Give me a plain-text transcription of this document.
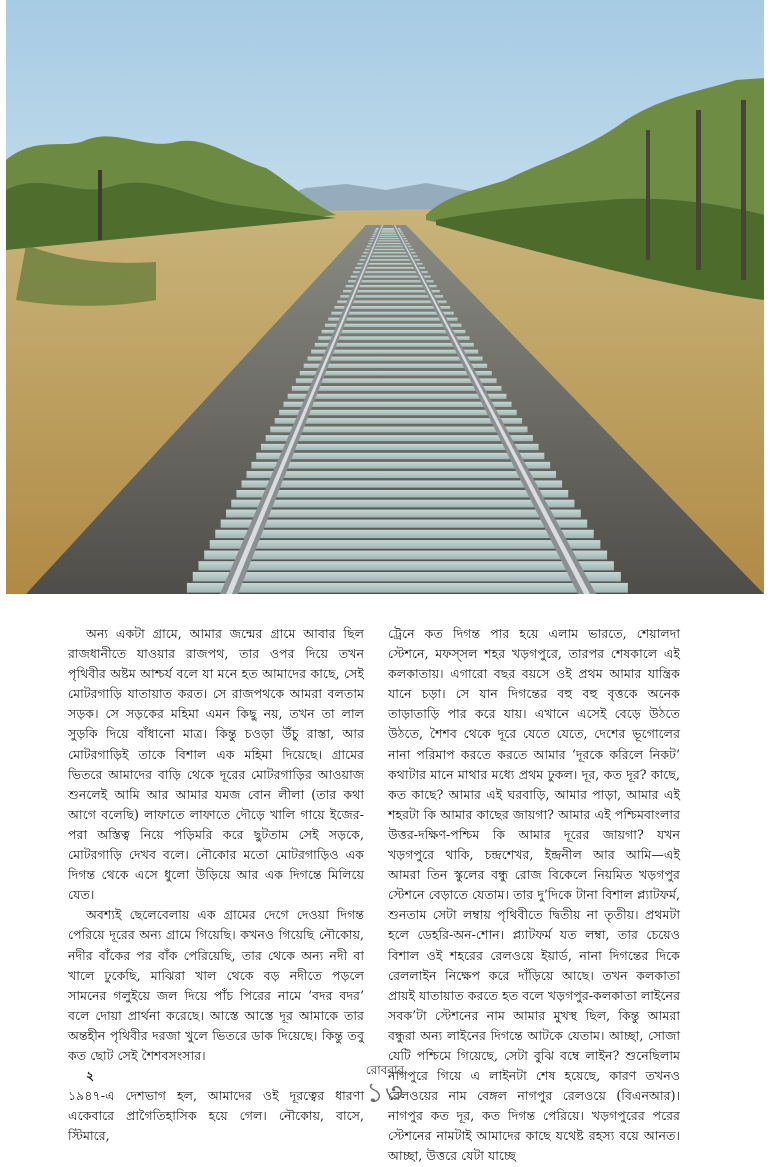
অন্য একটা গ্রামে, আমার জন্মের গ্রামে আবার ছিল রাজধানীতে যাওয়ার রাজপথ, তার ওপর দিয়ে তখন পৃথিবীর অষ্টম আশ্চর্য বলে যা মনে হত আমাদের কাছে, সেই মোটরগাড়ি যাতায়াত করত। সে রাজপথকে আমরা বলতাম সড়ক। সে সড়কের মহিমা এমন কিছু নয়, তখন তা লাল সুড়কি দিয়ে বাঁধানো মাত্র। কিন্তু চওড়া উঁচু রাস্তা, আর মোটরগাড়িই তাকে বিশাল এক মহিমা দিয়েছে। গ্রামের ভিতরে আমাদের বাড়ি থেকে দূরের মোটরগাড়ির আওয়াজ শুনলেই আমি আর আমার যমজ বোন লীলা (তার কথা আগে বলেছি) লাফাতে লাফাতে দৌড়ে খালি গায়ে ইজের-পরা অস্তিত্ব নিয়ে পড়িমরি করে ছুটতাম সেই সড়কে, মোটরগাড়ি দেখব বলে। নৌকোর মতো মোটরগাড়িও এক দিগন্ত থেকে এসে ধুলো উড়িয়ে আর এক দিগন্তে মিলিয়ে যেত।

অবশ্যই ছেলেবেলায় এক গ্রামের দেগে দেওয়া দিগন্ত পেরিয়ে দূরের অন্য গ্রামে গিয়েছি। কখনও গিয়েছি নৌকোয়, নদীর বাঁকের পর বাঁক পেরিয়েছি, তার থেকে অন্য নদী বা খালে ঢুকেছি, মাঝিরা খাল থেকে বড় নদীতে পড়লে সামনের গলুইয়ে জল দিয়ে পাঁচ পিরের নামে ‘বদর বদর’ বলে দোয়া প্রার্থনা করেছে। আস্তে আস্তে দূর আমাকে তার অন্তহীন পৃথিবীর দরজা খুলে ভিতরে ডাক দিয়েছে। কিন্তু তবু কত ছোট সেই শৈশবসংসার।

২

১৯৪৭-এ দেশভাগ হল, আমাদের ওই দূরত্বের ধারণা একেবারে প্রাগৈতিহাসিক হয়ে গেল। নৌকোয়, বাসে, স্টিমারে,

ট্রেনে কত দিগন্ত পার হয়ে এলাম ভারতে, শেয়ালদা স্টেশনে, মফস্‌সল শহর খড়গপুরে, তারপর শেষকালে এই কলকাতায়। এগারো বছর বয়সে ওই প্রথম আমার যান্ত্রিক যানে চড়া। সে যান দিগন্তের বহু বহু বৃত্তকে অনেক তাড়াতাড়ি পার করে যায়। এখানে এসেই বেড়ে উঠতে উঠতে, শৈশব থেকে দূরে যেতে যেতে, দেশের ভূগোলের নানা পরিমাপ করতে করতে আমার ‘দূরকে করিলে নিকট’ কথাটার মানে মাথার মধ্যে প্রথম ঢুকল। দূর, কত দূর? কাছে, কত কাছে? আমার এই ঘরবাড়ি, আমার পাড়া, আমার এই শহরটা কি আমার কাছের জায়গা? আমার এই পশ্চিমবাংলার উত্তর-দক্ষিণ-পশ্চিম কি আমার দূরের জায়গা? যখন খড়গপুরে থাকি, চন্দ্রশেখর, ইন্দ্রনীল আর আমি—এই আমরা তিন স্কুলের বন্ধু রোজ বিকেলে নিয়মিত খড়গপুর স্টেশনে বেড়াতে যেতাম। তার দু’দিকে টানা বিশাল প্ল্যাটফর্ম, শুনতাম সেটা লম্বায় পৃথিবীতে দ্বিতীয় না তৃতীয়। প্রথমটা হলে ডেহরি-অন-শোন। প্ল্যাটফর্ম যত লম্বা, তার চেয়েও বিশাল ওই শহরের রেলওয়ে ইয়ার্ড, নানা দিগন্তের দিকে রেললাইন নিক্ষেপ করে দাঁড়িয়ে আছে। তখন কলকাতা প্রায়ই যাতায়াত করতে হত বলে খড়গপুর-কলকাতা লাইনের সবক’টা স্টেশনের নাম আমার মুখস্থ ছিল, কিন্তু আমরা বন্ধুরা অন্য লাইনের দিগন্তে আটকে যেতাম। আচ্ছা, সোজা যেটি পশ্চিমে গিয়েছে, সেটা বুঝি বম্বে লাইন? শুনেছিলাম নাগপুরে গিয়ে এ লাইনটা শেষ হয়েছে, কারণ তখনও রেলওয়ের নাম বেঙ্গল নাগপুর রেলওয়ে (বিএনআর)। নাগপুর কত দূর, কত দিগন্ত পেরিয়ে। খড়গপুরের পরের স্টেশনের নামটাই আমাদের কাছে যথেষ্ট রহস্য বয়ে আনত। আচ্ছা, উত্তরে যেটা যাচ্ছে

রোববার
১৩
